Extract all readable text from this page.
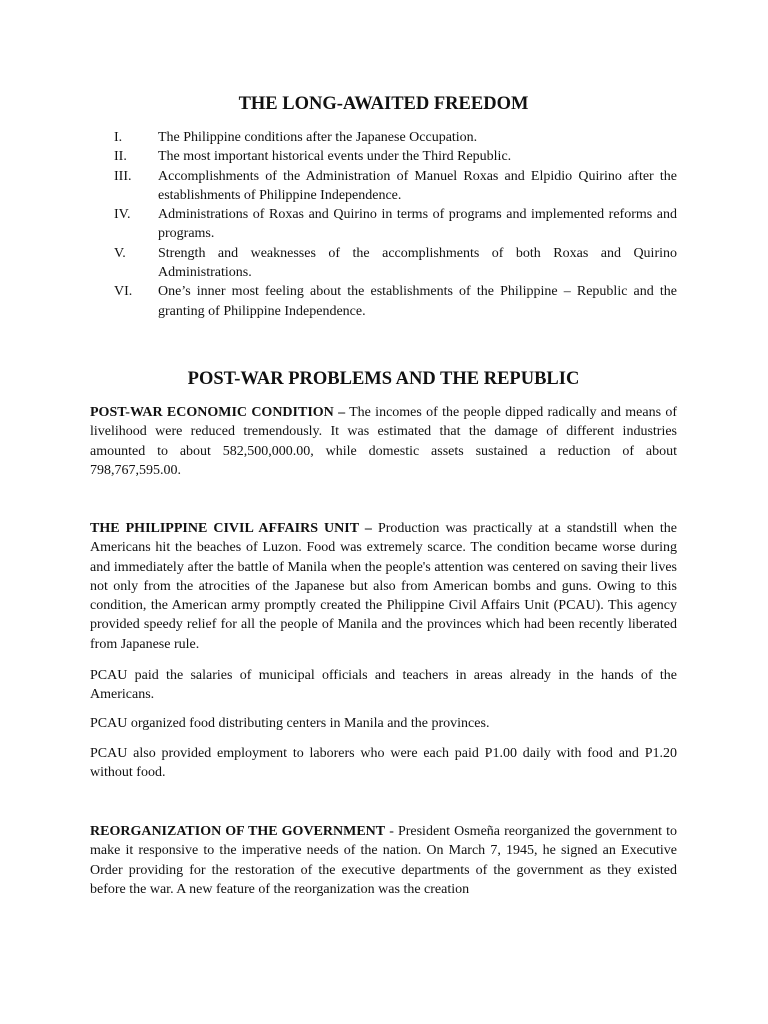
THE LONG-AWAITED FREEDOM
I.	The Philippine conditions after the Japanese Occupation.
II. The most important historical events under the Third Republic.
III. Accomplishments of the Administration of Manuel Roxas and Elpidio Quirino after the establishments of Philippine Independence.
IV. Administrations of Roxas and Quirino in terms of programs and implemented reforms and programs.
V. Strength and weaknesses of the accomplishments of both Roxas and Quirino Administrations.
VI. One’s inner most feeling about the establishments of the Philippine – Republic and the granting of Philippine Independence.
POST-WAR PROBLEMS AND THE REPUBLIC

POST-WAR ECONOMIC CONDITION – The incomes of the people dipped radically and means of livelihood were reduced tremendously. It was estimated that the damage of different industries amounted to about 582,500,000.00, while domestic assets sustained a reduction of about 798,767,595.00.

THE PHILIPPINE CIVIL AFFAIRS UNIT – Production was practically at a standstill when the Americans hit the beaches of Luzon. Food was extremely scarce. The condition became worse during and immediately after the battle of Manila when the people's attention was centered on saving their lives not only from the atrocities of the Japanese but also from American bombs and guns. Owing to this condition, the American army promptly created the Philippine Civil Affairs Unit (PCAU). This agency provided speedy relief for all the people of Manila and the provinces which had been recently liberated from Japanese rule.

PCAU paid the salaries of municipal officials and teachers in areas already in the hands of the Americans.

PCAU organized food distributing centers in Manila and the provinces.

PCAU also provided employment to laborers who were each paid P1.00 daily with food and P1.20 without food.

REORGANIZATION OF THE GOVERNMENT - President Osmeña reorganized the government to make it responsive to the imperative needs of the nation. On March 7, 1945, he signed an Executive Order providing for the restoration of the executive departments of the government as they existed before the war. A new feature of the reorganization was the creation
